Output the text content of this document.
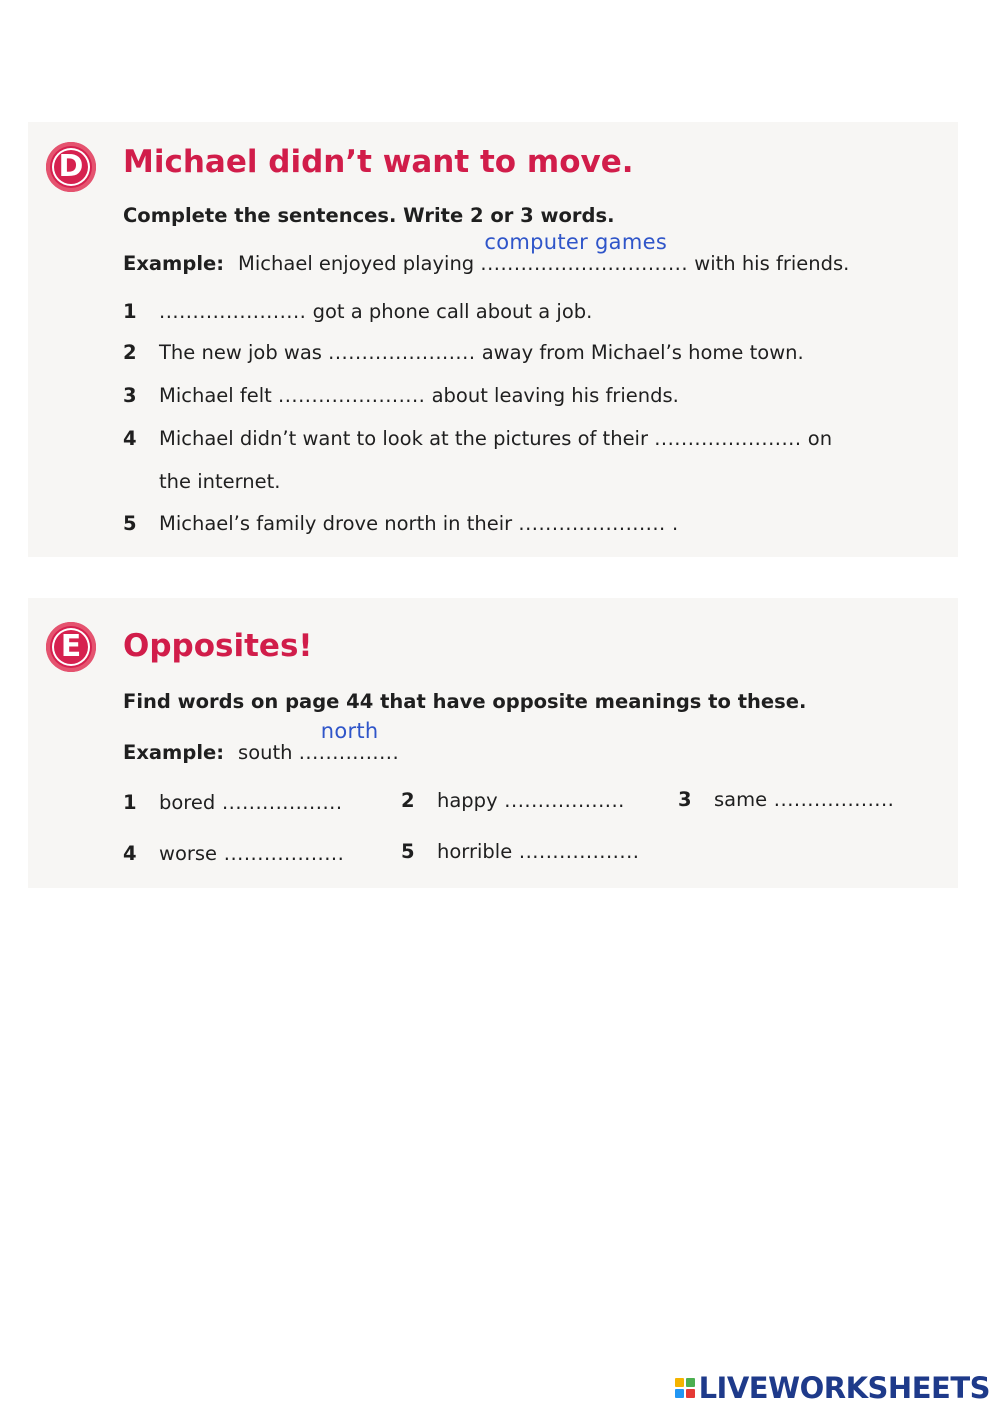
D Michael didn’t want to move.
Complete the sentences. Write 2 or 3 words.
Example: Michael enjoyed playing ...............................
computer games
with his friends.
1 ...................... got a phone call about a job.
2 The new job was ...................... away from Michael’s home town.
3 Michael felt ...................... about leaving his friends.
4 Michael didn’t want to look at the pictures of their ...................... on
the internet.
5 Michael’s family drove north in their ...................... .
E Opposites!
Find words on page 44 that have opposite meanings to these.
Example: south ...............
north
1 bored ..................	2 happy ..................	3 same ..................
4 worse ..................	5 horrible ..................
LIVEWORKSHEETS
